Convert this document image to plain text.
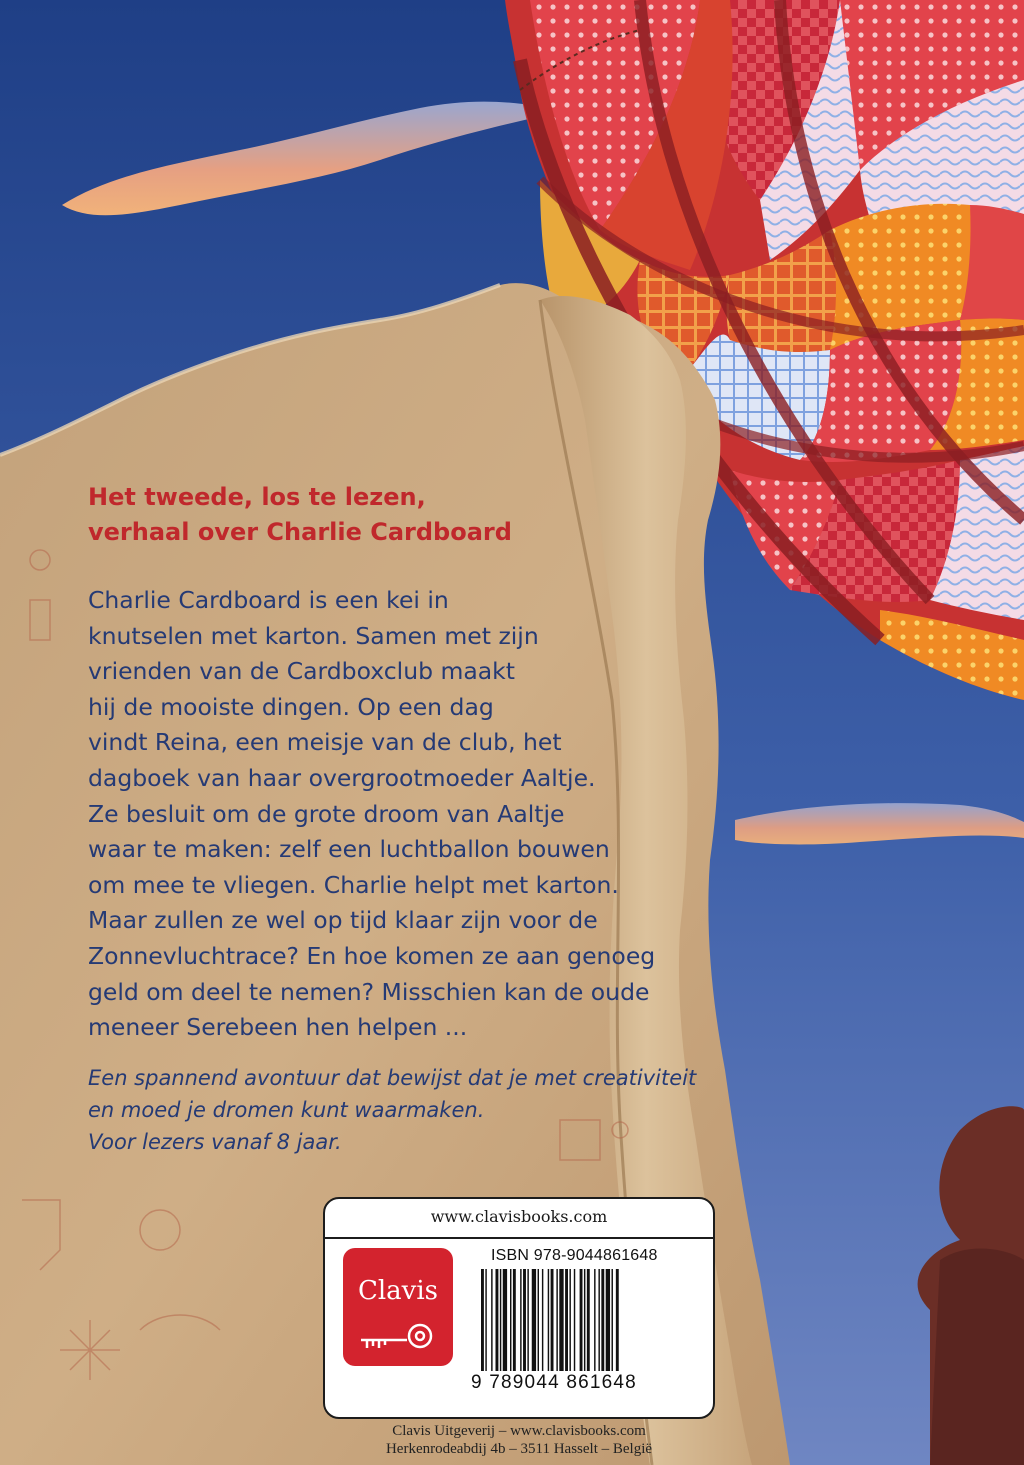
Het tweede, los te lezen,
verhaal over Charlie Cardboard
Charlie Cardboard is een kei in
knutselen met karton. Samen met zijn
vrienden van de Cardboxclub maakt
hij de mooiste dingen. Op een dag
vindt Reina, een meisje van de club, het
dagboek van haar overgrootmoeder Aaltje.
Ze besluit om de grote droom van Aaltje
waar te maken: zelf een luchtballon bouwen
om mee te vliegen. Charlie helpt met karton.
Maar zullen ze wel op tijd klaar zijn voor de
Zonnevluchtrace? En hoe komen ze aan genoeg
geld om deel te nemen? Misschien kan de oude
meneer Serebeen hen helpen ...
Een spannend avontuur dat bewijst dat je met creativiteit
en moed je dromen kunt waarmaken.
Voor lezers vanaf 8 jaar.
www.clavisbooks.com
Clavis
ISBN 978-9044861648
9 789044 861648
Clavis Uitgeverij – www.clavisbooks.com
Herkenrodeabdij 4b – 3511 Hasselt – België
